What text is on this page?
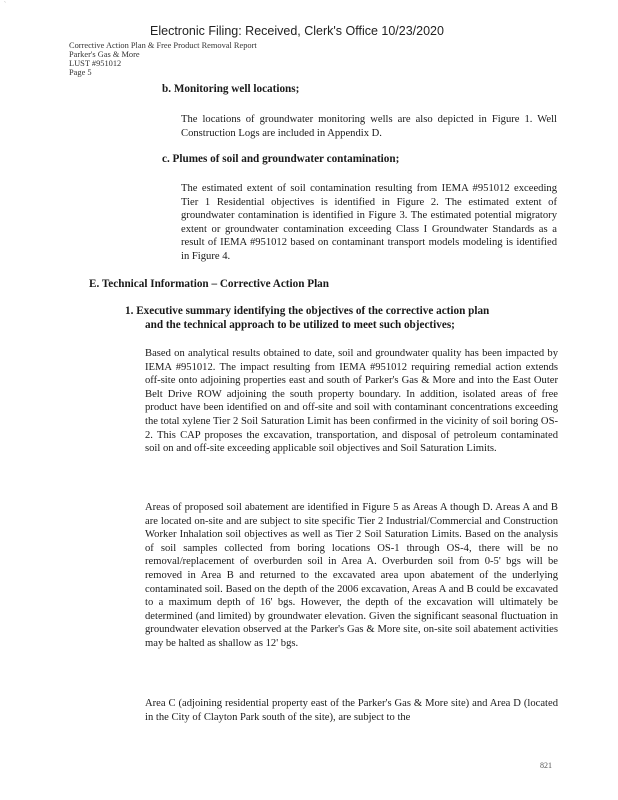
`
Electronic Filing: Received, Clerk's Office 10/23/2020
Corrective Action Plan & Free Product Removal Report
Parker's Gas & More
LUST #951012
Page 5
b. Monitoring well locations;
The locations of groundwater monitoring wells are also depicted in Figure 1. Well Construction Logs are included in Appendix D.
c. Plumes of soil and groundwater contamination;
The estimated extent of soil contamination resulting from IEMA #951012 exceeding Tier 1 Residential objectives is identified in Figure 2. The estimated extent of groundwater contamination is identified in Figure 3. The estimated potential migratory extent or groundwater contamination exceeding Class I Groundwater Standards as a result of IEMA #951012 based on contaminant transport models modeling is identified in Figure 4.
E. Technical Information – Corrective Action Plan
1. Executive summary identifying the objectives of the corrective action plan
and the technical approach to be utilized to meet such objectives;
Based on analytical results obtained to date, soil and groundwater quality has been impacted by IEMA #951012. The impact resulting from IEMA #951012 requiring remedial action extends off-site onto adjoining properties east and south of Parker's Gas & More and into the East Outer Belt Drive ROW adjoining the south property boundary. In addition, isolated areas of free product have been identified on and off-site and soil with contaminant concentrations exceeding the total xylene Tier 2 Soil Saturation Limit has been confirmed in the vicinity of soil boring OS-2. This CAP proposes the excavation, transportation, and disposal of petroleum contaminated soil on and off-site exceeding applicable soil objectives and Soil Saturation Limits.
Areas of proposed soil abatement are identified in Figure 5 as Areas A though D. Areas A and B are located on-site and are subject to site specific Tier 2 Industrial/Commercial and Construction Worker Inhalation soil objectives as well as Tier 2 Soil Saturation Limits. Based on the analysis of soil samples collected from boring locations OS-1 through OS-4, there will be no removal/replacement of overburden soil in Area A. Overburden soil from 0-5' bgs will be removed in Area B and returned to the excavated area upon abatement of the underlying contaminated soil. Based on the depth of the 2006 excavation, Areas A and B could be excavated to a maximum depth of 16' bgs. However, the depth of the excavation will ultimately be determined (and limited) by groundwater elevation. Given the significant seasonal fluctuation in groundwater elevation observed at the Parker's Gas & More site, on-site soil abatement activities may be halted as shallow as 12' bgs.
Area C (adjoining residential property east of the Parker's Gas & More site) and Area D (located in the City of Clayton Park south of the site), are subject to the
821
